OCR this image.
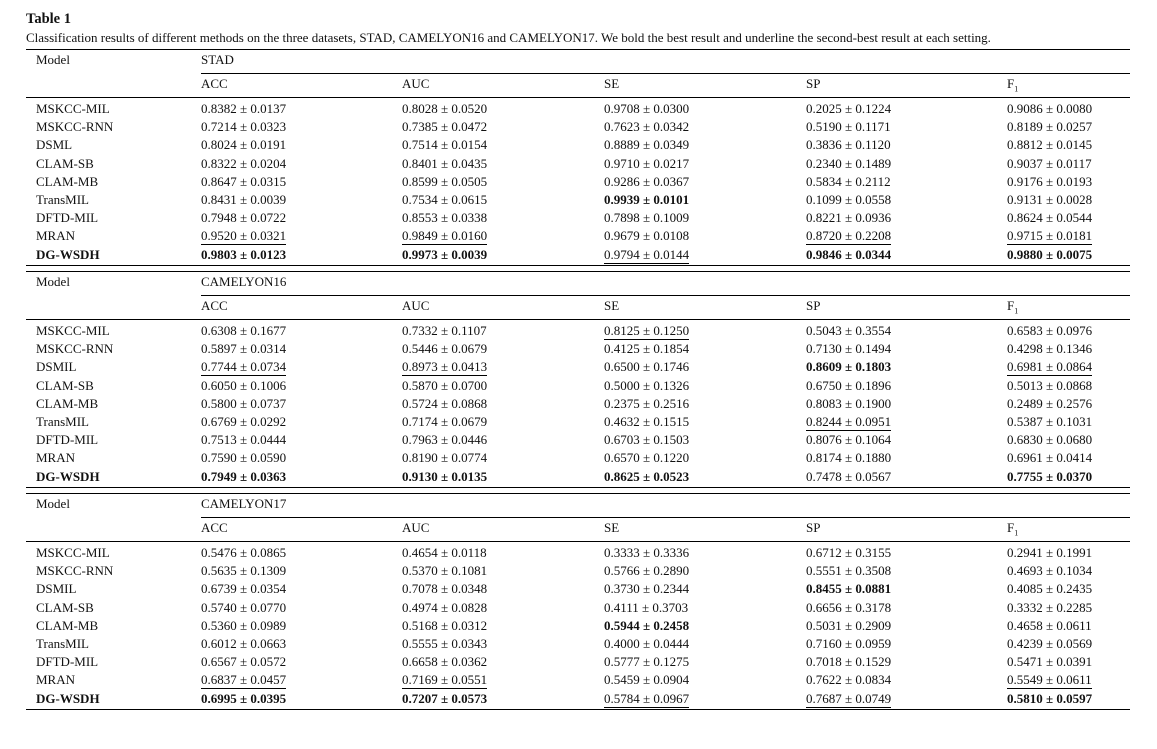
Table 1
Classification results of different methods on the three datasets, STAD, CAMELYON16 and CAMELYON17. We bold the best result and underline the second-best result at each setting.
Model	STAD
ACC	AUC	SE	SP	$F_1$
MSKCC-MIL	0.8382 ± 0.0137	0.8028 ± 0.0520	0.9708 ± 0.0300	0.2025 ± 0.1224	0.9086 ± 0.0080
MSKCC-RNN	0.7214 ± 0.0323	0.7385 ± 0.0472	0.7623 ± 0.0342	0.5190 ± 0.1171	0.8189 ± 0.0257
DSML	0.8024 ± 0.0191	0.7514 ± 0.0154	0.8889 ± 0.0349	0.3836 ± 0.1120	0.8812 ± 0.0145
CLAM-SB	0.8322 ± 0.0204	0.8401 ± 0.0435	0.9710 ± 0.0217	0.2340 ± 0.1489	0.9037 ± 0.0117
CLAM-MB	0.8647 ± 0.0315	0.8599 ± 0.0505	0.9286 ± 0.0367	0.5834 ± 0.2112	0.9176 ± 0.0193
TransMIL	0.8431 ± 0.0039	0.7534 ± 0.0615	0.9939 ± 0.0101	0.1099 ± 0.0558	0.9131 ± 0.0028
DFTD-MIL	0.7948 ± 0.0722	0.8553 ± 0.0338	0.7898 ± 0.1009	0.8221 ± 0.0936	0.8624 ± 0.0544
MRAN	0.9520 ± 0.0321	0.9849 ± 0.0160	0.9679 ± 0.0108	0.8720 ± 0.2208	0.9715 ± 0.0181
DG-WSDH	0.9803 ± 0.0123	0.9973 ± 0.0039	0.9794 ± 0.0144	0.9846 ± 0.0344	0.9880 ± 0.0075
Model	CAMELYON16
ACC	AUC	SE	SP	$F_1$
MSKCC-MIL	0.6308 ± 0.1677	0.7332 ± 0.1107	0.8125 ± 0.1250	0.5043 ± 0.3554	0.6583 ± 0.0976
MSKCC-RNN	0.5897 ± 0.0314	0.5446 ± 0.0679	0.4125 ± 0.1854	0.7130 ± 0.1494	0.4298 ± 0.1346
DSMIL	0.7744 ± 0.0734	0.8973 ± 0.0413	0.6500 ± 0.1746	0.8609 ± 0.1803	0.6981 ± 0.0864
CLAM-SB	0.6050 ± 0.1006	0.5870 ± 0.0700	0.5000 ± 0.1326	0.6750 ± 0.1896	0.5013 ± 0.0868
CLAM-MB	0.5800 ± 0.0737	0.5724 ± 0.0868	0.2375 ± 0.2516	0.8083 ± 0.1900	0.2489 ± 0.2576
TransMIL	0.6769 ± 0.0292	0.7174 ± 0.0679	0.4632 ± 0.1515	0.8244 ± 0.0951	0.5387 ± 0.1031
DFTD-MIL	0.7513 ± 0.0444	0.7963 ± 0.0446	0.6703 ± 0.1503	0.8076 ± 0.1064	0.6830 ± 0.0680
MRAN	0.7590 ± 0.0590	0.8190 ± 0.0774	0.6570 ± 0.1220	0.8174 ± 0.1880	0.6961 ± 0.0414
DG-WSDH	0.7949 ± 0.0363	0.9130 ± 0.0135	0.8625 ± 0.0523	0.7478 ± 0.0567	0.7755 ± 0.0370
Model	CAMELYON17
ACC	AUC	SE	SP	$F_1$
MSKCC-MIL	0.5476 ± 0.0865	0.4654 ± 0.0118	0.3333 ± 0.3336	0.6712 ± 0.3155	0.2941 ± 0.1991
MSKCC-RNN	0.5635 ± 0.1309	0.5370 ± 0.1081	0.5766 ± 0.2890	0.5551 ± 0.3508	0.4693 ± 0.1034
DSMIL	0.6739 ± 0.0354	0.7078 ± 0.0348	0.3730 ± 0.2344	0.8455 ± 0.0881	0.4085 ± 0.2435
CLAM-SB	0.5740 ± 0.0770	0.4974 ± 0.0828	0.4111 ± 0.3703	0.6656 ± 0.3178	0.3332 ± 0.2285
CLAM-MB	0.5360 ± 0.0989	0.5168 ± 0.0312	0.5944 ± 0.2458	0.5031 ± 0.2909	0.4658 ± 0.0611
TransMIL	0.6012 ± 0.0663	0.5555 ± 0.0343	0.4000 ± 0.0444	0.7160 ± 0.0959	0.4239 ± 0.0569
DFTD-MIL	0.6567 ± 0.0572	0.6658 ± 0.0362	0.5777 ± 0.1275	0.7018 ± 0.1529	0.5471 ± 0.0391
MRAN	0.6837 ± 0.0457	0.7169 ± 0.0551	0.5459 ± 0.0904	0.7622 ± 0.0834	0.5549 ± 0.0611
DG-WSDH	0.6995 ± 0.0395	0.7207 ± 0.0573	0.5784 ± 0.0967	0.7687 ± 0.0749	0.5810 ± 0.0597
